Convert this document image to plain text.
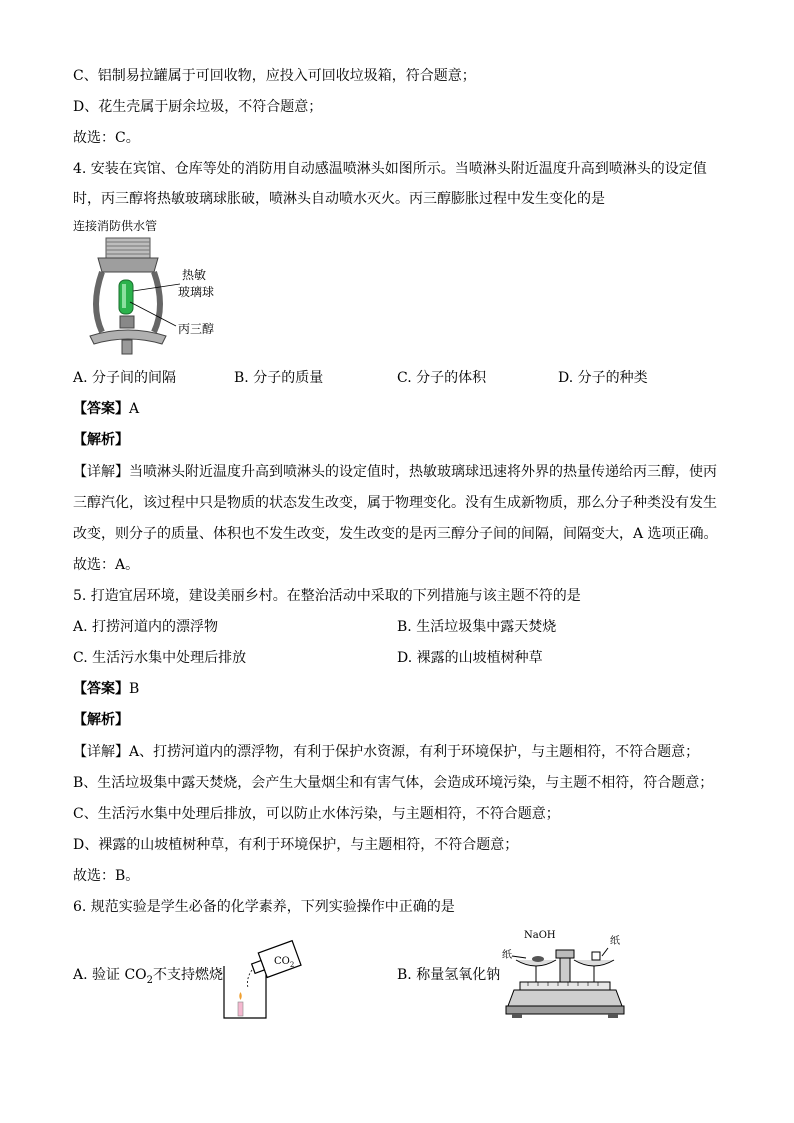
C、铝制易拉罐属于可回收物，应投入可回收垃圾箱，符合题意；
D、花生壳属于厨余垃圾，不符合题意；
故选：C。
4. 安装在宾馆、仓库等处的消防用自动感温喷淋头如图所示。当喷淋头附近温度升高到喷淋头的设定值
时，丙三醇将热敏玻璃球胀破，喷淋头自动喷水灭火。丙三醇膨胀过程中发生变化的是
连接消防供水管
热敏
玻璃球
丙三醇
A. 分子间的间隔	B. 分子的质量	C. 分子的体积	D. 分子的种类
【答案】A
【解析】
【详解】当喷淋头附近温度升高到喷淋头的设定值时，热敏玻璃球迅速将外界的热量传递给丙三醇，使丙
三醇汽化，该过程中只是物质的状态发生改变，属于物理变化。没有生成新物质，那么分子种类没有发生
改变，则分子的质量、体积也不发生改变，发生改变的是丙三醇分子间的间隔，间隔变大，A 选项正确。
故选：A。
5. 打造宜居环境，建设美丽乡村。在整治活动中采取的下列措施与该主题不符的是
A. 打捞河道内的漂浮物	B. 生活垃圾集中露天焚烧
C. 生活污水集中处理后排放	D. 裸露的山坡植树种草
【答案】B
【解析】
【详解】A、打捞河道内的漂浮物，有利于保护水资源，有利于环境保护，与主题相符，不符合题意；
B、生活垃圾集中露天焚烧，会产生大量烟尘和有害气体，会造成环境污染，与主题不相符，符合题意；
C、生活污水集中处理后排放，可以防止水体污染，与主题相符，不符合题意；
D、裸露的山坡植树种草，有利于环境保护，与主题相符，不符合题意；
故选：B。
6. 规范实验是学生必备的化学素养，下列实验操作中正确的是
A. 验证 $CO_2$不支持燃烧
$CO_2$
B. 称量氢氧化钠
NaOH
纸
纸
